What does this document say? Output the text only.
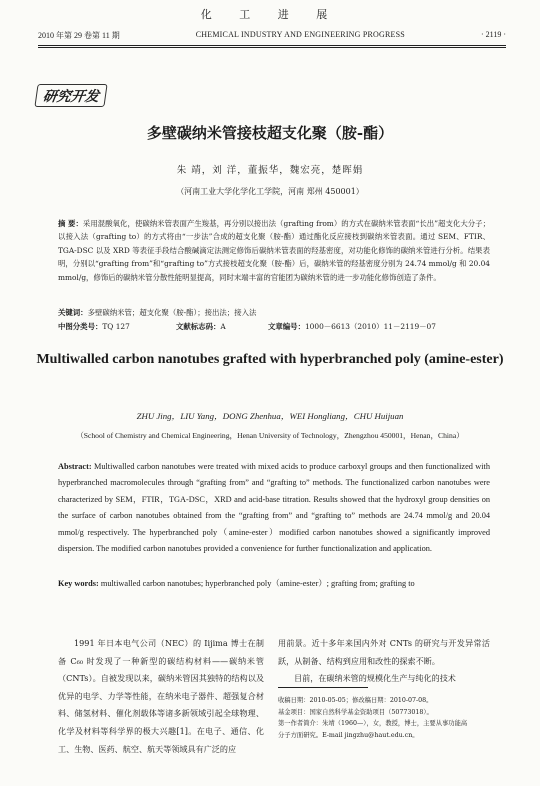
化 工 进 展
2010 年第 29 卷第 11 期	CHEMICAL INDUSTRY AND ENGINEERING PROGRESS	· 2119 ·
研究开发
多壁碳纳米管接枝超支化聚（胺-酯）
朱 靖，刘 洋，董振华，魏宏亮，楚晖娟
（河南工业大学化学化工学院，河南 郑州 450001）
摘 要：采用混酸氧化，使碳纳米管表面产生羧基，再分别以接出法（grafting from）的方式在碳纳米管表面“长出”超支化大分子；以接入法（grafting to）的方式将由“一步法”合成的超支化聚（胺-酯）通过酯化反应接枝到碳纳米管表面。通过 SEM、FTIR、TGA-DSC 以及 XRD 等表征手段结合酸碱滴定法测定修饰后碳纳米管表面的羟基密度，对功能化修饰的碳纳米管进行分析。结果表明，分别以“grafting from”和“grafting to”方式接枝超支化聚（胺-酯）后，碳纳米管的羟基密度分别为 24.74 mmol/g 和 20.04 mmol/g，修饰后的碳纳米管分散性能明显提高，同时末端丰富的官能团为碳纳米管的进一步功能化修饰创造了条件。
关键词：多壁碳纳米管；超支化聚（胺-酯）；接出法；接入法
中图分类号：TQ 127	文献标志码：A	文章编号：1000－6613（2010）11－2119－07
Multiwalled carbon nanotubes grafted with hyperbranched poly (amine-ester)
ZHU Jing，LIU Yang，DONG Zhenhua，WEI Hongliang，CHU Huijuan
（School of Chemistry and Chemical Engineering，Henan University of Technology，Zhengzhou 450001，Henan，China）
Abstract: Multiwalled carbon nanotubes were treated with mixed acids to produce carboxyl groups and then functionalized with hyperbranched macromolecules through “grafting from” and “grafting to” methods. The functionalized carbon nanotubes were characterized by SEM，FTIR，TGA-DSC，XRD and acid-base titration. Results showed that the hydroxyl group densities on the surface of carbon nanotubes obtained from the “grafting from” and “grafting to” methods are 24.74 mmol/g and 20.04 mmol/g respectively. The hyperbranched poly（amine-ester）modified carbon nanotubes showed a significantly improved dispersion. The modified carbon nanotubes provided a convenience for further functionalization and application.
Key words: multiwalled carbon nanotubes; hyperbranched poly（amine-ester）; grafting from; grafting to
1991 年日本电气公司（NEC）的 Iijima 博士在制备 C₆₀ 时发现了一种新型的碳结构材料——碳纳米管（CNTs）。自被发现以来，碳纳米管因其独特的结构以及优异的电学、力学等性能，在纳米电子器件、超强复合材料、储氢材料、催化剂载体等诸多新领域引起全球物理、化学及材料等科学界的极大兴趣[1]。在电子、通信、化工、生物、医药、航空、航天等领域具有广泛的应

用前景。近十多年来国内外对 CNTs 的研究与开发异常活跃，从制备、结构到应用和改性的探索不断。

目前，在碳纳米管的规模化生产与纯化的技术

收稿日期：2010-05-05；修改稿日期：2010-07-08。
基金项目：国家自然科学基金资助项目（50773018）。
第一作者简介：朱靖（1960—），女，教授，博士，主要从事功能高
分子方面研究。E-mail jingzhu@haut.edu.cn。
